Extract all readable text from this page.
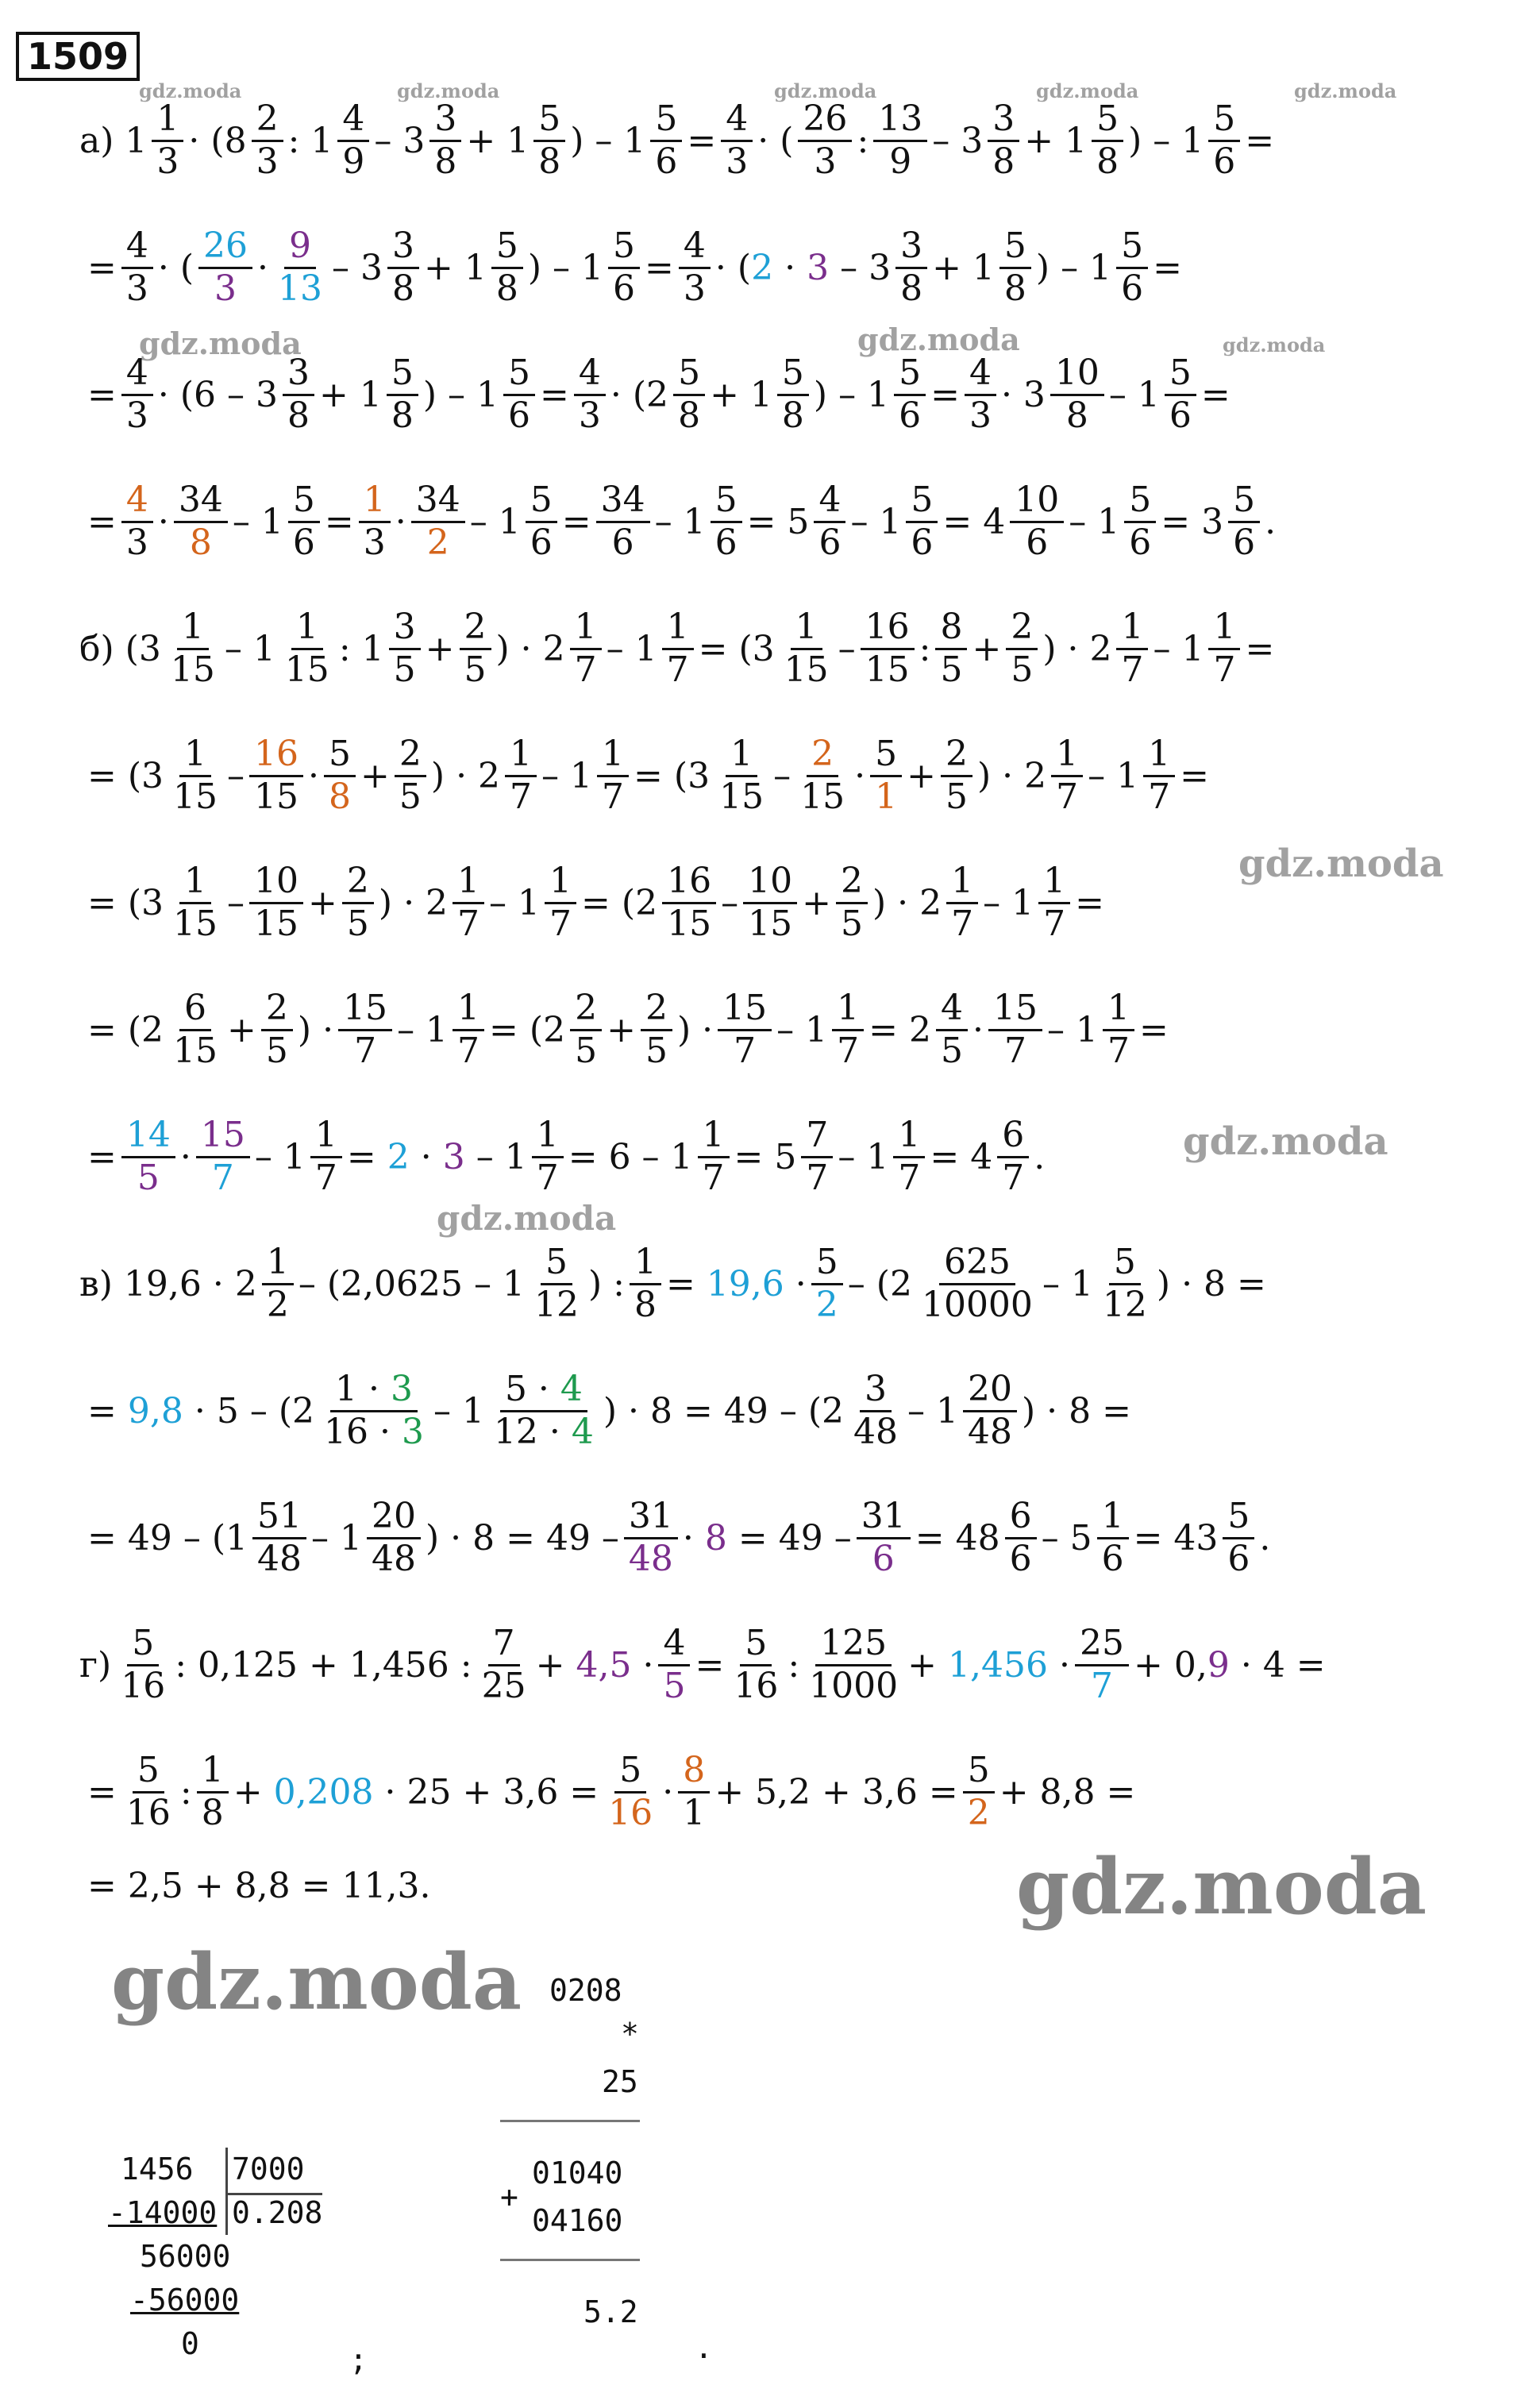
1509
gdz.moda	gdz.moda	gdz.moda	gdz.moda	gdz.moda
gdz.moda	gdz.moda	gdz.moda
gdz.moda
gdz.moda
gdz.moda
gdz.moda
gdz.moda
а)
$1 \frac{1}{3}$ ·
($8 \frac{2}{3}$ :
$1 \frac{4}{9} - 3 \frac{3}{8} + 1 \frac{5}{8}$ ) – $1 \frac{5}{6} = \frac{4}{3}$ ·
( $\frac{26}{3}$ : $\frac{13}{9} - 3 \frac{3}{8} + 1 \frac{5}{8}$ ) – $1 \frac{5}{6}$ =
= $\frac{4}{3}$ ·
( $\frac{26}{3} \cdot \frac{9}{13} - 3 \frac{3}{8} + 1 \frac{5}{8}$ ) – $1 \frac{5}{6} = \frac{4}{3}$ ·
( 2
·
3
– $3 \frac{3}{8} + 1 \frac{5}{8}$ ) – $1 \frac{5}{6}$ =
= $\frac{4}{3}$ ·
($6 - 3 \frac{3}{8} + 1 \frac{5}{8}$ ) – $1 \frac{5}{6} = \frac{4}{3}$ ·
($2 \frac{5}{8} + 1 \frac{5}{8}$ ) – $1 \frac{5}{6} = \frac{4}{3} \cdot 3 \frac{10}{8} - 1 \frac{5}{6}$ =
= $\frac{4}{3} \cdot \frac{34}{8} - 1 \frac{5}{6} = \frac{1}{3} \cdot \frac{34}{2} - 1 \frac{5}{6} = \frac{34}{6} - 1 \frac{5}{6} = 5 \frac{4}{6} - 1 \frac{5}{6} = 4 \frac{10}{6} - 1 \frac{5}{6} = 3 \frac{5}{6}$ .
б)
($3 \frac{1}{15} - 1 \frac{1}{15}$ : $1 \frac{3}{5} + \frac{2}{5}$ ) · $2 \frac{1}{7} - 1 \frac{1}{7}$ =
($3 \frac{1}{15} - \frac{16}{15}$ : $\frac{8}{5} + \frac{2}{5}$ ) · $2 \frac{1}{7} - 1 \frac{1}{7}$ =
=
($3 \frac{1}{15} - \frac{16}{15} \cdot \frac{5}{8} + \frac{2}{5}$ ) · $2 \frac{1}{7} - 1 \frac{1}{7}$ =
($3 \frac{1}{15} - \frac{2}{15} \cdot \frac{5}{1} + \frac{2}{5}$ ) · $2 \frac{1}{7} - 1 \frac{1}{7}$ =
=
($3 \frac{1}{15} - \frac{10}{15} + \frac{2}{5}$ ) · $2 \frac{1}{7} - 1 \frac{1}{7}$ =
($2 \frac{16}{15} - \frac{10}{15} + \frac{2}{5}$ ) · $2 \frac{1}{7} - 1 \frac{1}{7}$ =
=
($2 \frac{6}{15} + \frac{2}{5}$ ) · $\frac{15}{7} - 1 \frac{1}{7}$ =
($2 \frac{2}{5} + \frac{2}{5}$ ) · $\frac{15}{7} - 1 \frac{1}{7} = 2 \frac{4}{5} \cdot \frac{15}{7} - 1 \frac{1}{7}$ =
= $\frac{14}{5} \cdot \frac{15}{7} - 1 \frac{1}{7}$ =
2
·
3
– $1 \frac{1}{7} = 6 - 1 \frac{1}{7} = 5 \frac{7}{7} - 1 \frac{1}{7} = 4 \frac{6}{7}$ .
в)
$19,6 \cdot 2 \frac{1}{2}$ –
($2,0625 - 1 \frac{5}{12}$ ) : $\frac{1}{8}$ =
19,6
· $\frac{5}{2}$ –
($2 \frac{625}{10000} - 1 \frac{5}{12}$ ) · 8 =
=
9,8
· 5 –
($2 \frac{1 \cdot 3}{16 \cdot 3} - 1 \frac{5 \cdot 4}{12 \cdot 4}$ ) · 8 = 49 –
($2 \frac{3}{48} - 1 \frac{20}{48}$ ) · 8 =
= 49 –
($1 \frac{51}{48} - 1 \frac{20}{48}$ ) · $8 = 49 - \frac{31}{48}$ ·
8
= $49 - \frac{31}{6} = 48 \frac{6}{6} - 5 \frac{1}{6} = 43 \frac{5}{6}$ .
$г) \frac{5}{16}$ : 0,125 + 1,456 : $\frac{7}{25}$ +
4,5
· $\frac{4}{5} = \frac{5}{16}$ : $\frac{125}{1000}$ +
1,456
· $\frac{25}{7} + 0$, 9
· 4 =
= $\frac{5}{16}$ : $\frac{1}{8}$ +
0,208
· $25 + 3,6 = \frac{5}{16} \cdot \frac{8}{1} + 5,2 + 3,6 = \frac{5}{2} + 8,8$ =
= 2,5 + 8,8 = 11,3.
0208
*
25
01040
+
04160
5.2
.
1456 7000
-14000 0.208
56000
-56000
0	;
